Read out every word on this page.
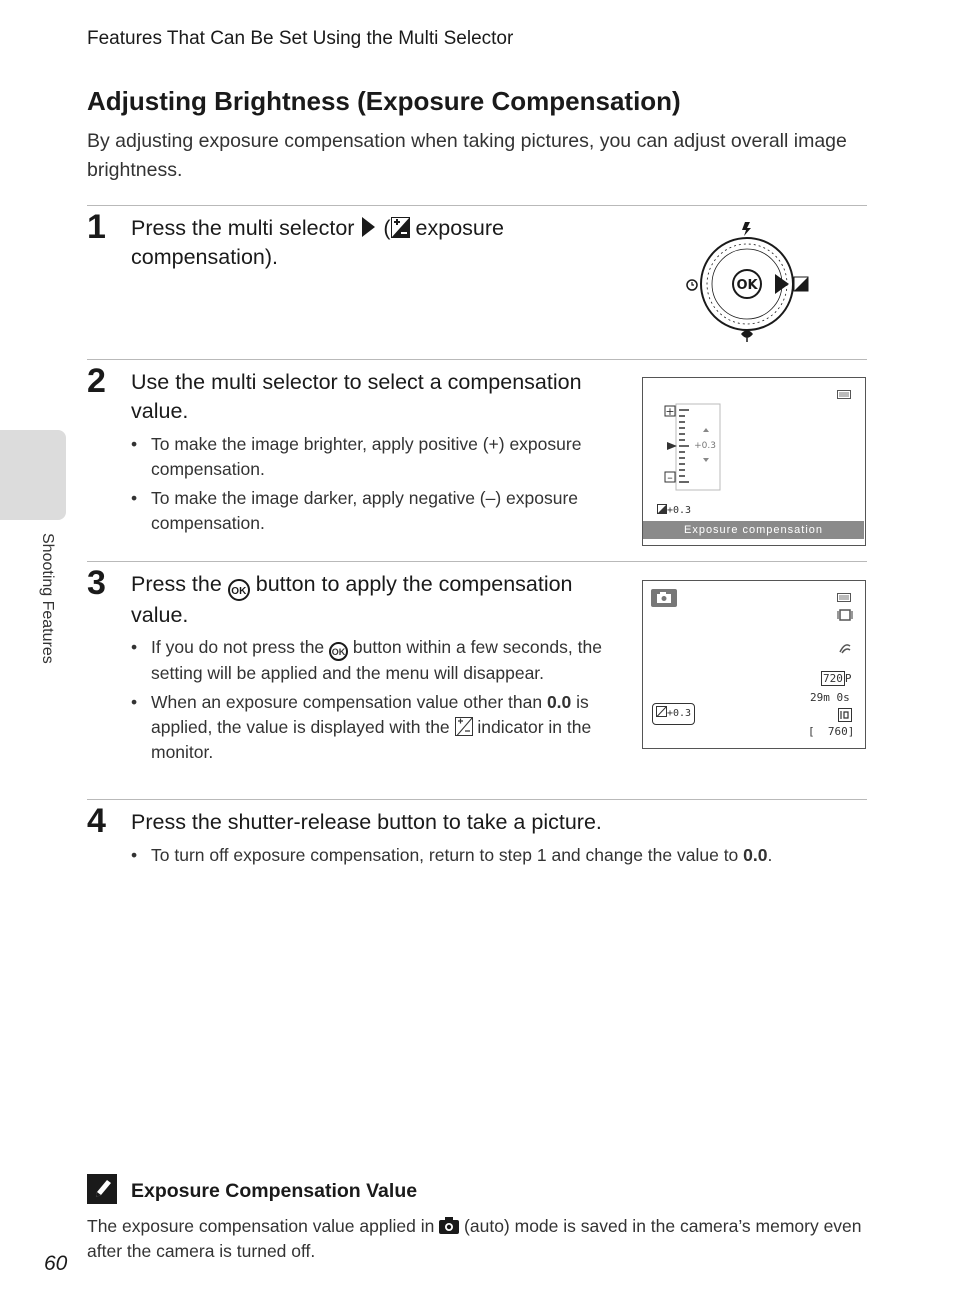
Features That Can Be Set Using the Multi Selector
Adjusting Brightness (Exposure Compensation)
By adjusting exposure compensation when taking pictures, you can adjust overall image brightness.
Shooting Features
1 Press the multi selector  ( exposure compensation).
OK
2 Use the multi selector to select a compensation value.
• To make the image brighter, apply positive (+) exposure compensation.
• To make the image darker, apply negative (–) exposure compensation.
+
–
+0.3
+0.3
Exposure compensation
3 Press the OK button to apply the compensation value.
• If you do not press the OK button within a few seconds, the setting will be applied and the menu will disappear.
• When an exposure compensation value other than 0.0 is applied, the value is displayed with the  indicator in the monitor.
720 P
29m 0s
[  760]
+0.3
4 Press the shutter-release button to take a picture.
• To turn off exposure compensation, return to step 1 and change the value to 0.0.
Exposure Compensation Value
The exposure compensation value applied in  (auto) mode is saved in the camera’s memory even after the camera is turned off.
60
